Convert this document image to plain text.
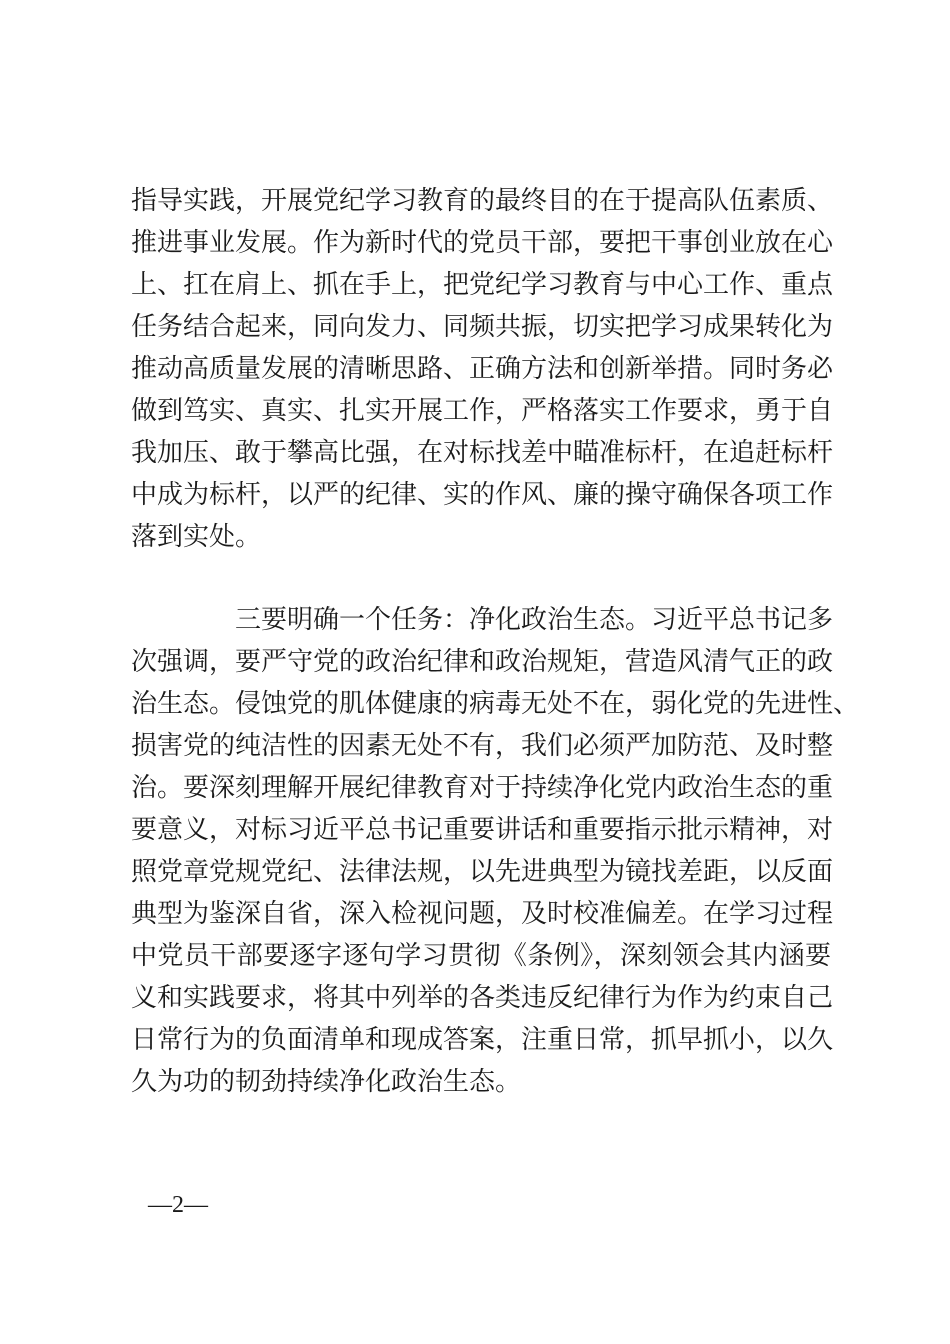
指导实践，开展党纪学习教育的最终目的在于提高队伍素质、
推进事业发展。作为新时代的党员干部，要把干事创业放在心
上、扛在肩上、抓在手上，把党纪学习教育与中心工作、重点
任务结合起来，同向发力、同频共振，切实把学习成果转化为
推动高质量发展的清晰思路、正确方法和创新举措。同时务必
做到笃实、真实、扎实开展工作，严格落实工作要求，勇于自
我加压、敢于攀高比强，在对标找差中瞄准标杆，在追赶标杆
中成为标杆，以严的纪律、实的作风、廉的操守确保各项工作
落到实处。
三要明确一个任务：净化政治生态。习近平总书记多
次强调，要严守党的政治纪律和政治规矩，营造风清气正的政
治生态。侵蚀党的肌体健康的病毒无处不在，弱化党的先进性、
损害党的纯洁性的因素无处不有，我们必须严加防范、及时整
治。要深刻理解开展纪律教育对于持续净化党内政治生态的重
要意义，对标习近平总书记重要讲话和重要指示批示精神，对
照党章党规党纪、法律法规，以先进典型为镜找差距，以反面
典型为鉴深自省，深入检视问题，及时校准偏差。在学习过程
中党员干部要逐字逐句学习贯彻《条例》，深刻领会其内涵要
义和实践要求，将其中列举的各类违反纪律行为作为约束自己
日常行为的负面清单和现成答案，注重日常，抓早抓小，以久
久为功的韧劲持续净化政治生态。
—2—
